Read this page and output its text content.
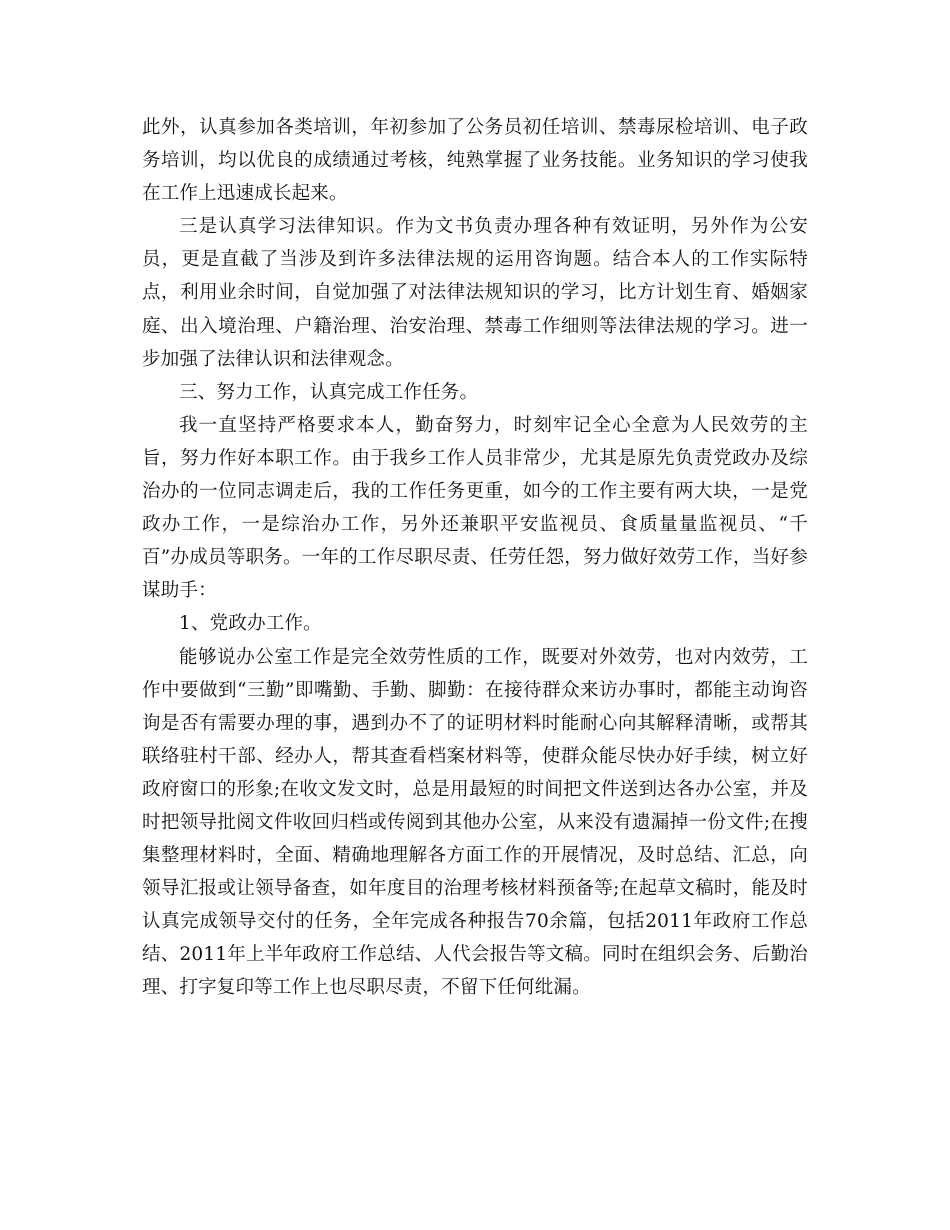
此外，认真参加各类培训，年初参加了公务员初任培训、禁毒尿检培训、电子政务培训，均以优良的成绩通过考核，纯熟掌握了业务技能。业务知识的学习使我在工作上迅速成长起来。

三是认真学习法律知识。作为文书负责办理各种有效证明，另外作为公安员，更是直截了当涉及到许多法律法规的运用咨询题。结合本人的工作实际特点，利用业余时间，自觉加强了对法律法规知识的学习，比方计划生育、婚姻家庭、出入境治理、户籍治理、治安治理、禁毒工作细则等法律法规的学习。进一步加强了法律认识和法律观念。

三、努力工作，认真完成工作任务。

我一直坚持严格要求本人，勤奋努力，时刻牢记全心全意为人民效劳的主旨，努力作好本职工作。由于我乡工作人员非常少，尤其是原先负责党政办及综治办的一位同志调走后，我的工作任务更重，如今的工作主要有两大块，一是党政办工作，一是综治办工作，另外还兼职平安监视员、食质量量监视员、“千百”办成员等职务。一年的工作尽职尽责、任劳任怨，努力做好效劳工作，当好参谋助手：

1、党政办工作。

能够说办公室工作是完全效劳性质的工作，既要对外效劳，也对内效劳，工作中要做到“三勤”即嘴勤、手勤、脚勤：在接待群众来访办事时，都能主动询咨询是否有需要办理的事，遇到办不了的证明材料时能耐心向其解释清晰，或帮其联络驻村干部、经办人，帮其查看档案材料等，使群众能尽快办好手续，树立好政府窗口的形象;在收文发文时，总是用最短的时间把文件送到达各办公室，并及时把领导批阅文件收回归档或传阅到其他办公室，从来没有遗漏掉一份文件;在搜集整理材料时，全面、精确地理解各方面工作的开展情况，及时总结、汇总，向领导汇报或让领导备查，如年度目的治理考核材料预备等;在起草文稿时，能及时认真完成领导交付的任务，全年完成各种报告70余篇，包括2011年政府工作总结、2011年上半年政府工作总结、人代会报告等文稿。同时在组织会务、后勤治理、打字复印等工作上也尽职尽责，不留下任何纰漏。
